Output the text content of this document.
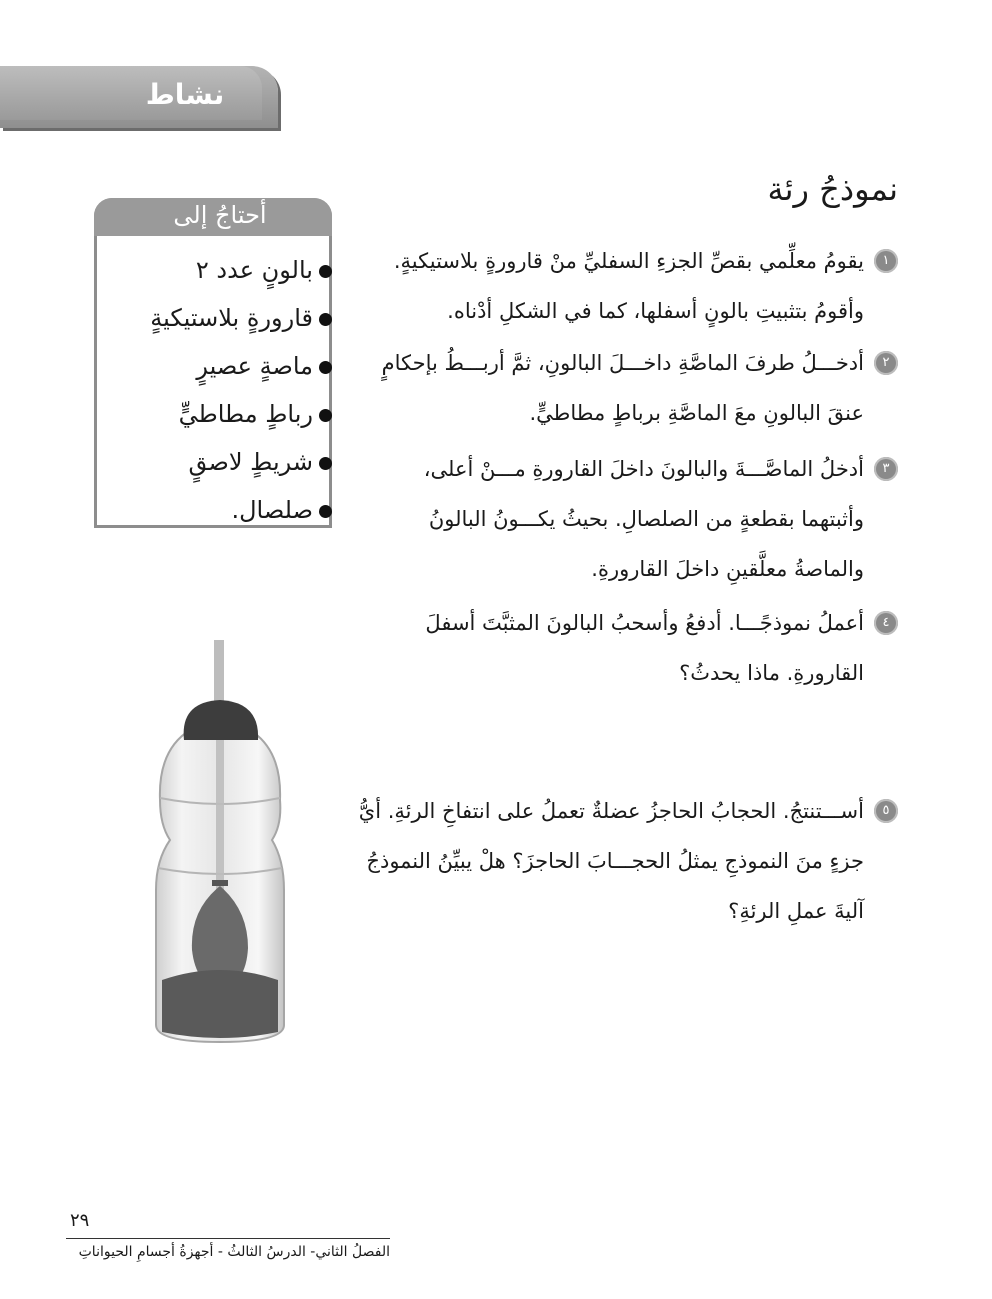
نشاط
نموذجُ رئة
أحتاجُ إلى
بالونٍ عدد ٢
قارورةٍ بلاستيكيةٍ
ماصةٍ عصيرٍ
رباطٍ مطاطيٍّ
شريطٍ لاصقٍ
صلصال.
١
يقومُ معلِّمي بقصِّ الجزءِ السفليِّ منْ قارورةٍ بلاستيكيةٍ. وأقومُ بتثبيتِ بالونٍ أسفلها، كما في الشكلِ أدْناه.
٢
أدخـــلُ طرفَ الماصَّةِ داخـــلَ البالونِ، ثمَّ أربـــطُ بإحكامٍ عنقَ البالونِ معَ الماصَّةِ برباطٍ مطاطيٍّ.
٣
أدخلُ الماصَّـــةَ والبالونَ داخلَ القارورةِ مـــنْ أعلى، وأثبتهما بقطعةٍ من الصلصالِ. بحيثُ يكـــونُ البالونُ والماصةُ معلَّقينِ داخلَ القارورةِ.
٤
أعملُ نموذجًـــا. أدفعُ وأسحبُ البالونَ المثبَّتَ أسفلَ القارورةِ. ماذا يحدثُ؟
٥
أســـتنتجُ. الحجابُ الحاجزُ عضلةٌ تعملُ على انتفاخِ الرئةِ. أيُّ جزءٍ منَ النموذجِ يمثلُ الحجـــابَ الحاجزَ؟ هلْ يبيِّنُ النموذجُ آليةَ عملِ الرئةِ؟
٢٩
الفصلُ الثاني- الدرسُ الثالثُ - أجهزةُ أجسامِ الحيواناتِ
